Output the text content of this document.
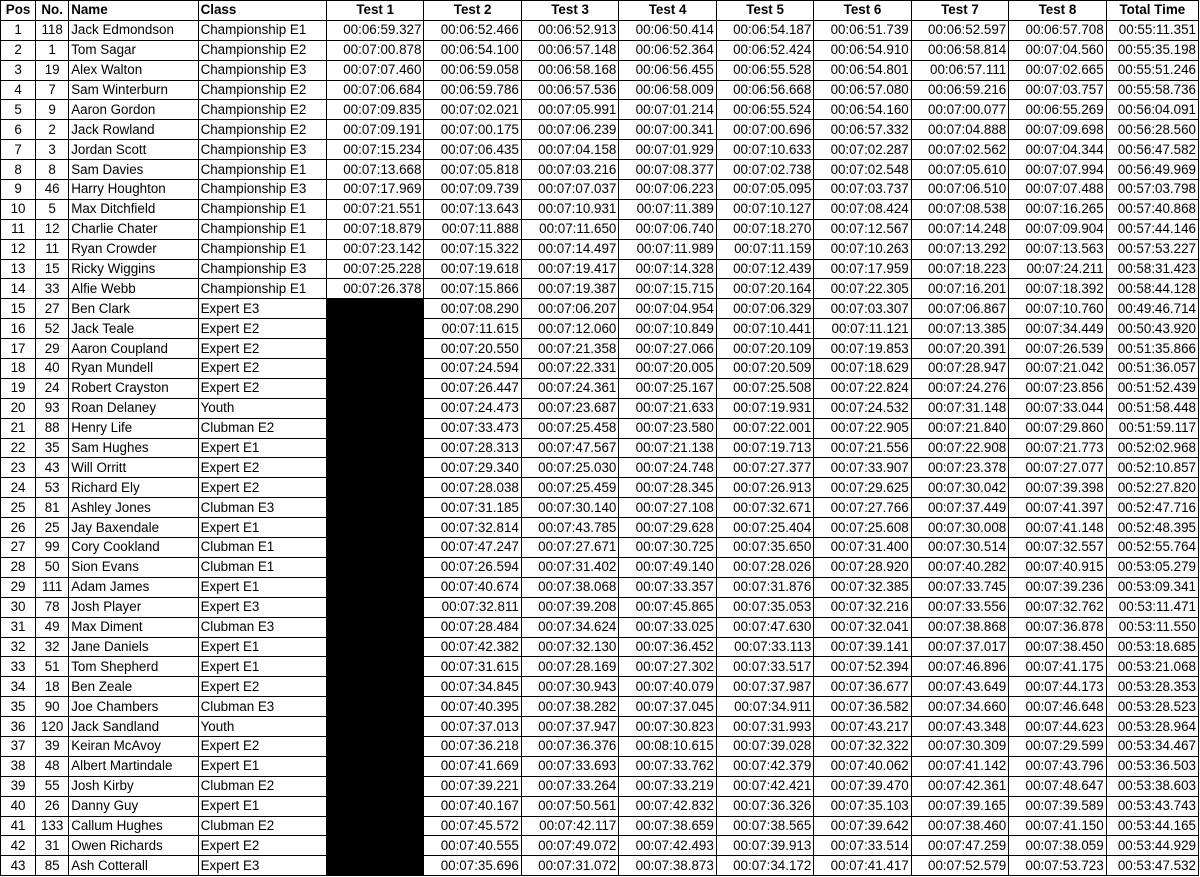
Pos	No.	Name	Class	Test 1	Test 2	Test 3	Test 4	Test 5	Test 6	Test 7	Test 8	Total Time
1	118	Jack Edmondson	Championship E1	00:06:59.327	00:06:52.466	00:06:52.913	00:06:50.414	00:06:54.187	00:06:51.739	00:06:52.597	00:06:57.708	00:55:11.351
2	1	Tom Sagar	Championship E2	00:07:00.878	00:06:54.100	00:06:57.148	00:06:52.364	00:06:52.424	00:06:54.910	00:06:58.814	00:07:04.560	00:55:35.198
3	19	Alex Walton	Championship E3	00:07:07.460	00:06:59.058	00:06:58.168	00:06:56.455	00:06:55.528	00:06:54.801	00:06:57.111	00:07:02.665	00:55:51.246
4	7	Sam Winterburn	Championship E2	00:07:06.684	00:06:59.786	00:06:57.536	00:06:58.009	00:06:56.668	00:06:57.080	00:06:59.216	00:07:03.757	00:55:58.736
5	9	Aaron Gordon	Championship E2	00:07:09.835	00:07:02.021	00:07:05.991	00:07:01.214	00:06:55.524	00:06:54.160	00:07:00.077	00:06:55.269	00:56:04.091
6	2	Jack Rowland	Championship E2	00:07:09.191	00:07:00.175	00:07:06.239	00:07:00.341	00:07:00.696	00:06:57.332	00:07:04.888	00:07:09.698	00:56:28.560
7	3	Jordan Scott	Championship E3	00:07:15.234	00:07:06.435	00:07:04.158	00:07:01.929	00:07:10.633	00:07:02.287	00:07:02.562	00:07:04.344	00:56:47.582
8	8	Sam Davies	Championship E1	00:07:13.668	00:07:05.818	00:07:03.216	00:07:08.377	00:07:02.738	00:07:02.548	00:07:05.610	00:07:07.994	00:56:49.969
9	46	Harry Houghton	Championship E3	00:07:17.969	00:07:09.739	00:07:07.037	00:07:06.223	00:07:05.095	00:07:03.737	00:07:06.510	00:07:07.488	00:57:03.798
10	5	Max Ditchfield	Championship E1	00:07:21.551	00:07:13.643	00:07:10.931	00:07:11.389	00:07:10.127	00:07:08.424	00:07:08.538	00:07:16.265	00:57:40.868
11	12	Charlie Chater	Championship E1	00:07:18.879	00:07:11.888	00:07:11.650	00:07:06.740	00:07:18.270	00:07:12.567	00:07:14.248	00:07:09.904	00:57:44.146
12	11	Ryan Crowder	Championship E1	00:07:23.142	00:07:15.322	00:07:14.497	00:07:11.989	00:07:11.159	00:07:10.263	00:07:13.292	00:07:13.563	00:57:53.227
13	15	Ricky Wiggins	Championship E3	00:07:25.228	00:07:19.618	00:07:19.417	00:07:14.328	00:07:12.439	00:07:17.959	00:07:18.223	00:07:24.211	00:58:31.423
14	33	Alfie Webb	Championship E1	00:07:26.378	00:07:15.866	00:07:19.387	00:07:15.715	00:07:20.164	00:07:22.305	00:07:16.201	00:07:18.392	00:58:44.128
15	27	Ben Clark	Expert E3		00:07:08.290	00:07:06.207	00:07:04.954	00:07:06.329	00:07:03.307	00:07:06.867	00:07:10.760	00:49:46.714
16	52	Jack Teale	Expert E2		00:07:11.615	00:07:12.060	00:07:10.849	00:07:10.441	00:07:11.121	00:07:13.385	00:07:34.449	00:50:43.920
17	29	Aaron Coupland	Expert E2		00:07:20.550	00:07:21.358	00:07:27.066	00:07:20.109	00:07:19.853	00:07:20.391	00:07:26.539	00:51:35.866
18	40	Ryan Mundell	Expert E2		00:07:24.594	00:07:22.331	00:07:20.005	00:07:20.509	00:07:18.629	00:07:28.947	00:07:21.042	00:51:36.057
19	24	Robert Crayston	Expert E2		00:07:26.447	00:07:24.361	00:07:25.167	00:07:25.508	00:07:22.824	00:07:24.276	00:07:23.856	00:51:52.439
20	93	Roan Delaney	Youth		00:07:24.473	00:07:23.687	00:07:21.633	00:07:19.931	00:07:24.532	00:07:31.148	00:07:33.044	00:51:58.448
21	88	Henry Life	Clubman E2		00:07:33.473	00:07:25.458	00:07:23.580	00:07:22.001	00:07:22.905	00:07:21.840	00:07:29.860	00:51:59.117
22	35	Sam Hughes	Expert E1		00:07:28.313	00:07:47.567	00:07:21.138	00:07:19.713	00:07:21.556	00:07:22.908	00:07:21.773	00:52:02.968
23	43	Will Orritt	Expert E2		00:07:29.340	00:07:25.030	00:07:24.748	00:07:27.377	00:07:33.907	00:07:23.378	00:07:27.077	00:52:10.857
24	53	Richard Ely	Expert E2		00:07:28.038	00:07:25.459	00:07:28.345	00:07:26.913	00:07:29.625	00:07:30.042	00:07:39.398	00:52:27.820
25	81	Ashley Jones	Clubman E3		00:07:31.185	00:07:30.140	00:07:27.108	00:07:32.671	00:07:27.766	00:07:37.449	00:07:41.397	00:52:47.716
26	25	Jay Baxendale	Expert E1		00:07:32.814	00:07:43.785	00:07:29.628	00:07:25.404	00:07:25.608	00:07:30.008	00:07:41.148	00:52:48.395
27	99	Cory Cookland	Clubman E1		00:07:47.247	00:07:27.671	00:07:30.725	00:07:35.650	00:07:31.400	00:07:30.514	00:07:32.557	00:52:55.764
28	50	Sion Evans	Clubman E1		00:07:26.594	00:07:31.402	00:07:49.140	00:07:28.026	00:07:28.920	00:07:40.282	00:07:40.915	00:53:05.279
29	111	Adam James	Expert E1		00:07:40.674	00:07:38.068	00:07:33.357	00:07:31.876	00:07:32.385	00:07:33.745	00:07:39.236	00:53:09.341
30	78	Josh Player	Expert E3		00:07:32.811	00:07:39.208	00:07:45.865	00:07:35.053	00:07:32.216	00:07:33.556	00:07:32.762	00:53:11.471
31	49	Max Diment	Clubman E3		00:07:28.484	00:07:34.624	00:07:33.025	00:07:47.630	00:07:32.041	00:07:38.868	00:07:36.878	00:53:11.550
32	32	Jane Daniels	Expert E1		00:07:42.382	00:07:32.130	00:07:36.452	00:07:33.113	00:07:39.141	00:07:37.017	00:07:38.450	00:53:18.685
33	51	Tom Shepherd	Expert E1		00:07:31.615	00:07:28.169	00:07:27.302	00:07:33.517	00:07:52.394	00:07:46.896	00:07:41.175	00:53:21.068
34	18	Ben Zeale	Expert E2		00:07:34.845	00:07:30.943	00:07:40.079	00:07:37.987	00:07:36.677	00:07:43.649	00:07:44.173	00:53:28.353
35	90	Joe Chambers	Clubman E3		00:07:40.395	00:07:38.282	00:07:37.045	00:07:34.911	00:07:36.582	00:07:34.660	00:07:46.648	00:53:28.523
36	120	Jack Sandland	Youth		00:07:37.013	00:07:37.947	00:07:30.823	00:07:31.993	00:07:43.217	00:07:43.348	00:07:44.623	00:53:28.964
37	39	Keiran McAvoy	Expert E2		00:07:36.218	00:07:36.376	00:08:10.615	00:07:39.028	00:07:32.322	00:07:30.309	00:07:29.599	00:53:34.467
38	48	Albert Martindale	Expert E1		00:07:41.669	00:07:33.693	00:07:33.762	00:07:42.379	00:07:40.062	00:07:41.142	00:07:43.796	00:53:36.503
39	55	Josh Kirby	Clubman E2		00:07:39.221	00:07:33.264	00:07:33.219	00:07:42.421	00:07:39.470	00:07:42.361	00:07:48.647	00:53:38.603
40	26	Danny Guy	Expert E1		00:07:40.167	00:07:50.561	00:07:42.832	00:07:36.326	00:07:35.103	00:07:39.165	00:07:39.589	00:53:43.743
41	133	Callum Hughes	Clubman E2		00:07:45.572	00:07:42.117	00:07:38.659	00:07:38.565	00:07:39.642	00:07:38.460	00:07:41.150	00:53:44.165
42	31	Owen Richards	Expert E2		00:07:40.555	00:07:49.072	00:07:42.493	00:07:39.913	00:07:33.514	00:07:47.259	00:07:38.059	00:53:44.929
43	85	Ash Cotterall	Expert E3		00:07:35.696	00:07:31.072	00:07:38.873	00:07:34.172	00:07:41.417	00:07:52.579	00:07:53.723	00:53:47.532
